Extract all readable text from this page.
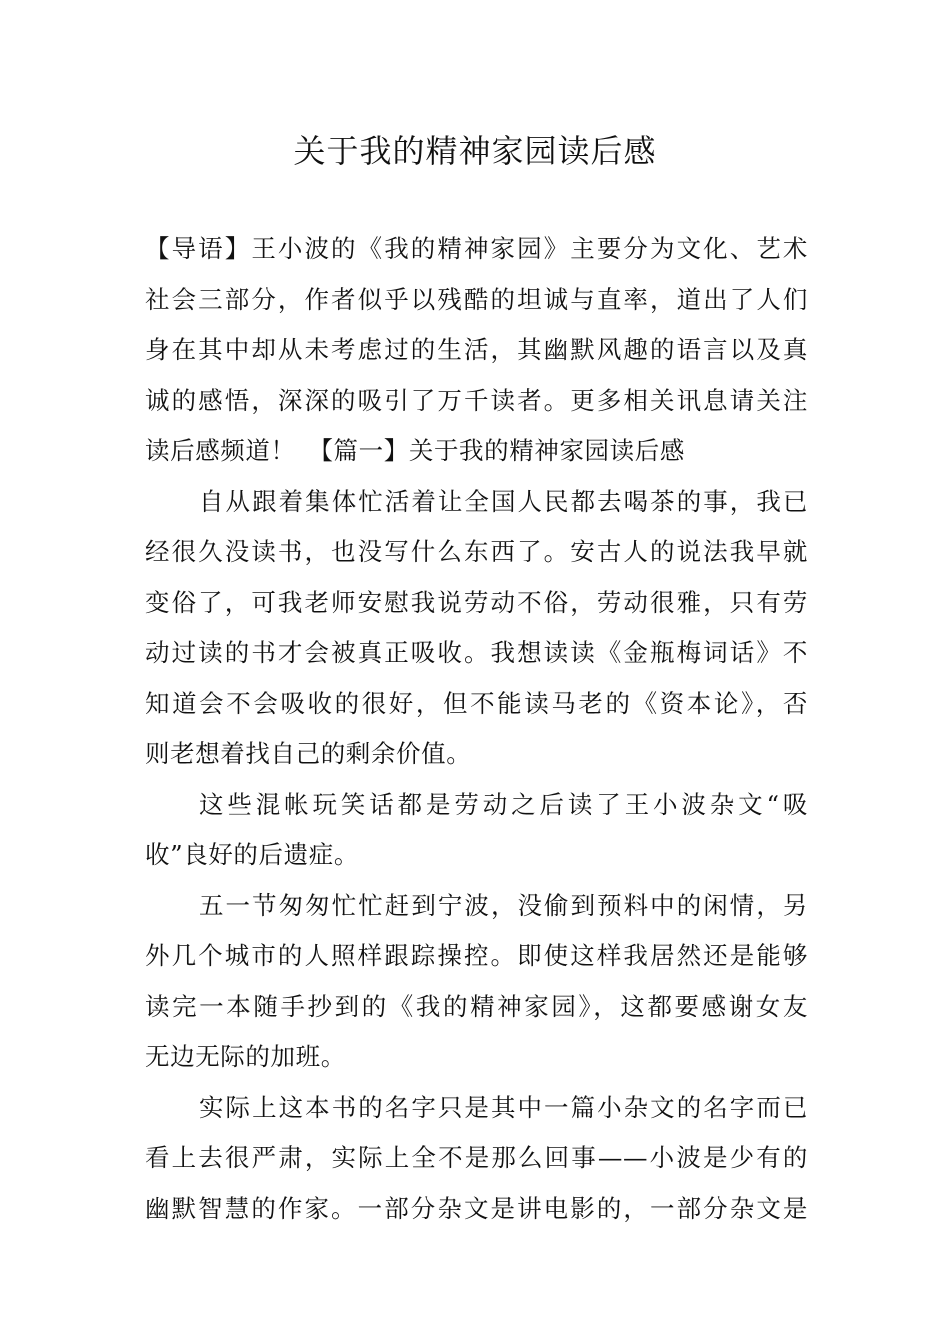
关于我的精神家园读后感
【导语】王小波的《我的精神家园》主要分为文化、艺术
社会三部分，作者似乎以残酷的坦诚与直率，道出了人们
身在其中却从未考虑过的生活，其幽默风趣的语言以及真
诚的感悟，深深的吸引了万千读者。更多相关讯息请关注
读后感频道！　【篇一】关于我的精神家园读后感
自从跟着集体忙活着让全国人民都去喝茶的事，我已
经很久没读书，也没写什么东西了。安古人的说法我早就
变俗了，可我老师安慰我说劳动不俗，劳动很雅，只有劳
动过读的书才会被真正吸收。我想读读《金瓶梅词话》不
知道会不会吸收的很好，但不能读马老的《资本论》，否
则老想着找自己的剩余价值。
这些混帐玩笑话都是劳动之后读了王小波杂文“吸
收”良好的后遗症。
五一节匆匆忙忙赶到宁波，没偷到预料中的闲情，另
外几个城市的人照样跟踪操控。即使这样我居然还是能够
读完一本随手抄到的《我的精神家园》，这都要感谢女友
无边无际的加班。
实际上这本书的名字只是其中一篇小杂文的名字而已
看上去很严肃，实际上全不是那么回事——小波是少有的
幽默智慧的作家。一部分杂文是讲电影的，一部分杂文是
